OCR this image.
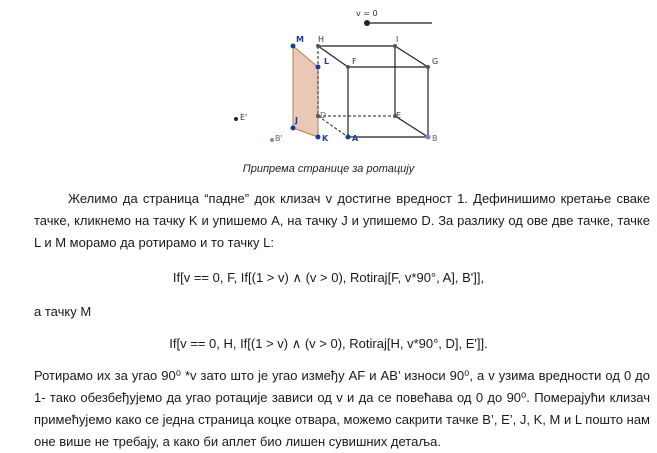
v = 0
M H	I
F	G
L
E'	J
D	E
B'	K	A	B
Припрема странице за ротацију
Желимо да страница “падне” док клизач v достигне вредност 1. Дефинишимо кретање сваке тачке, кликнемо на тачку K и упишемо A, на тачку J и упишемо D. За разлику од ове две тачке, тачке L и M морамо да ротирамо и то тачку L:
If[v == 0, F, If[(1 > v) ∧ (v > 0), Rotiraj[F, v*90°, A], B']],
а тачку M
If[v == 0, H, If[(1 > v) ∧ (v > 0), Rotiraj[H, v*90°, D], E']].
Ротирамо их за угао 90⁰ *v зато што је угао између AF и AB’ износи 90⁰, а v узима вредности од 0 до 1- тако обезбеђујемо да угао ротације зависи од v и да се повећава од 0 до 90⁰. Померајући клизач примећујемо како се једна страница коцке отвара, можемо сакрити тачке B’, E’, J, K, M и L пошто нам оне више не требају, а како би аплет био лишен сувишних детаља.
